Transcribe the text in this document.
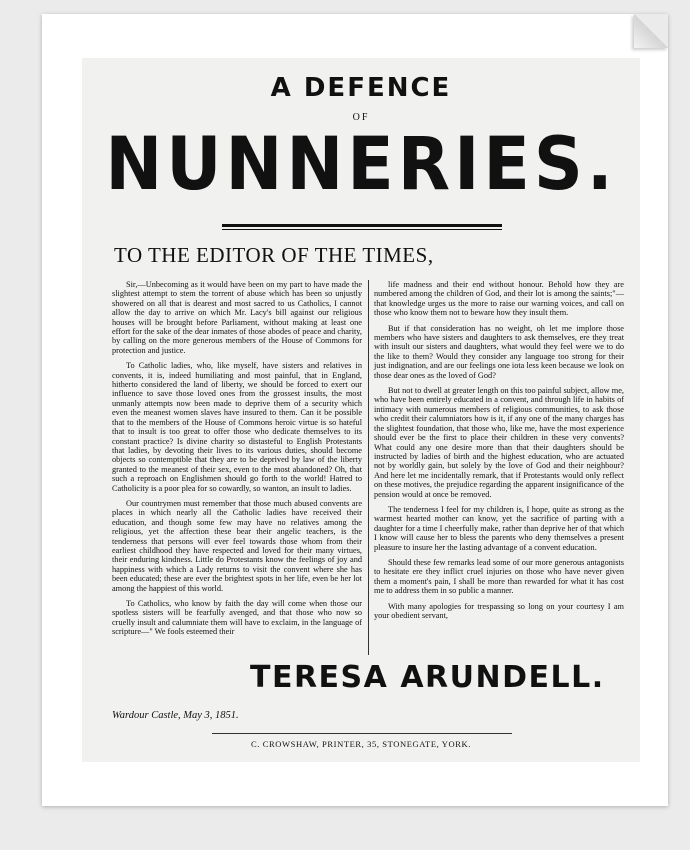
A DEFENCE
OF
NUNNERIES.
TO THE EDITOR OF THE TIMES,

Sir,—Unbecoming as it would have been on my part to have made the slightest attempt to stem the torrent of abuse which has been so unjustly showered on all that is dearest and most sacred to us Catholics, I cannot allow the day to arrive on which Mr. Lacy's bill against our religious houses will be brought before Parliament, without making at least one effort for the sake of the dear inmates of those abodes of peace and charity, by calling on the more generous members of the House of Commons for protection and justice.

To Catholic ladies, who, like myself, have sisters and relatives in convents, it is, indeed humiliating and most painful, that in England, hitherto considered the land of liberty, we should be forced to exert our influence to save those loved ones from the grossest insults, the most unmanly attempts now been made to deprive them of a security which even the meanest women slaves have insured to them. Can it be possible that to the members of the House of Commons heroic virtue is so hateful that to insult is too great to offer those who dedicate themselves to its constant practice? Is divine charity so distasteful to English Protestants that ladies, by devoting their lives to its various duties, should become objects so contemptible that they are to be deprived by law of the liberty granted to the meanest of their sex, even to the most abandoned? Oh, that such a reproach on Englishmen should go forth to the world! Hatred to Catholicity is a poor plea for so cowardly, so wanton, an insult to ladies.

Our countrymen must remember that those much abused convents are places in which nearly all the Catholic ladies have received their education, and though some few may have no relatives among the religious, yet the affection these bear their angelic teachers, is the tenderness that persons will ever feel towards those whom from their earliest childhood they have respected and loved for their many virtues, their enduring kindness. Little do Protestants know the feelings of joy and happiness with which a Lady returns to visit the convent where she has been educated; these are ever the brightest spots in her life, even be her lot among the happiest of this world.

To Catholics, who know by faith the day will come when those our spotless sisters will be fearfully avenged, and that those who now so cruelly insult and calumniate them will have to exclaim, in the language of scripture—" We fools esteemed their

life madness and their end without honour. Behold how they are numbered among the children of God, and their lot is among the saints;"—that knowledge urges us the more to raise our warning voices, and call on those who know them not to beware how they insult them.

But if that consideration has no weight, oh let me implore those members who have sisters and daughters to ask themselves, ere they treat with insult our sisters and daughters, what would they feel were we to do the like to them? Would they consider any language too strong for their just indignation, and are our feelings one iota less keen because we look on those dear ones as the loved of God?

But not to dwell at greater length on this too painful subject, allow me, who have been entirely educated in a convent, and through life in habits of intimacy with numerous members of religious communities, to ask those who credit their calumniators how is it, if any one of the many charges has the slightest foundation, that those who, like me, have the most experience should ever be the first to place their children in these very convents? What could any one desire more than that their daughters should be instructed by ladies of birth and the highest education, who are actuated not by worldly gain, but solely by the love of God and their neighbour? And here let me incidentally remark, that if Protestants would only reflect on these motives, the prejudice regarding the apparent insignificance of the pension would at once be removed.

The tenderness I feel for my children is, I hope, quite as strong as the warmest hearted mother can know, yet the sacrifice of parting with a daughter for a time I cheerfully make, rather than deprive her of that which I know will cause her to bless the parents who deny themselves a present pleasure to insure her the lasting advantage of a convent education.

Should these few remarks lead some of our more generous antagonists to hesitate ere they inflict cruel injuries on those who have never given them a moment's pain, I shall be more than rewarded for what it has cost me to address them in so public a manner.

With many apologies for trespassing so long on your courtesy I am your obedient servant,

TERESA ARUNDELL.
Wardour Castle, May 3, 1851.
C. CROWSHAW, PRINTER, 35, STONEGATE, YORK.
